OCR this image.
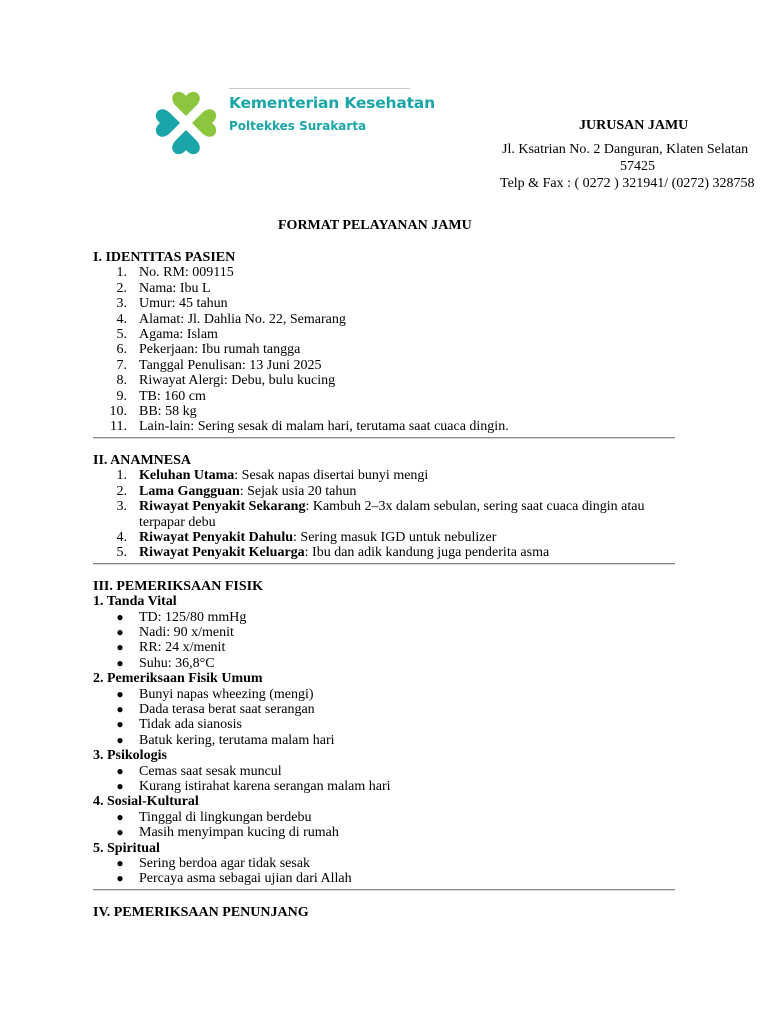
Kementerian Kesehatan
Poltekkes Surakarta	JURUSAN JAMU
Jl. Ksatrian No. 2 Danguran, Klaten Selatan
57425
Telp & Fax : ( 0272 ) 321941/ (0272) 328758
FORMAT PELAYANAN JAMU
I. IDENTITAS PASIEN
1. No. RM: 009115
2. Nama: Ibu L
3. Umur: 45 tahun
4. Alamat: Jl. Dahlia No. 22, Semarang
5. Agama: Islam
6. Pekerjaan: Ibu rumah tangga
7. Tanggal Penulisan: 13 Juni 2025
8. Riwayat Alergi: Debu, bulu kucing
9. TB: 160 cm
10. BB: 58 kg
11. Lain-lain: Sering sesak di malam hari, terutama saat cuaca dingin.
II. ANAMNESA
1. Keluhan Utama: Sesak napas disertai bunyi mengi
2. Lama Gangguan: Sejak usia 20 tahun
3. Riwayat Penyakit Sekarang: Kambuh 2–3x dalam sebulan, sering saat cuaca dingin atau terpapar debu
4. Riwayat Penyakit Dahulu: Sering masuk IGD untuk nebulizer
5. Riwayat Penyakit Keluarga: Ibu dan adik kandung juga penderita asma
III. PEMERIKSAAN FISIK
1. Tanda Vital
● TD: 125/80 mmHg
● Nadi: 90 x/menit
● RR: 24 x/menit
● Suhu: 36,8°C
2. Pemeriksaan Fisik Umum
● Bunyi napas wheezing (mengi)
● Dada terasa berat saat serangan
● Tidak ada sianosis
● Batuk kering, terutama malam hari
3. Psikologis
● Cemas saat sesak muncul
● Kurang istirahat karena serangan malam hari
4. Sosial-Kultural
● Tinggal di lingkungan berdebu
● Masih menyimpan kucing di rumah
5. Spiritual
● Sering berdoa agar tidak sesak
● Percaya asma sebagai ujian dari Allah
IV. PEMERIKSAAN PENUNJANG
